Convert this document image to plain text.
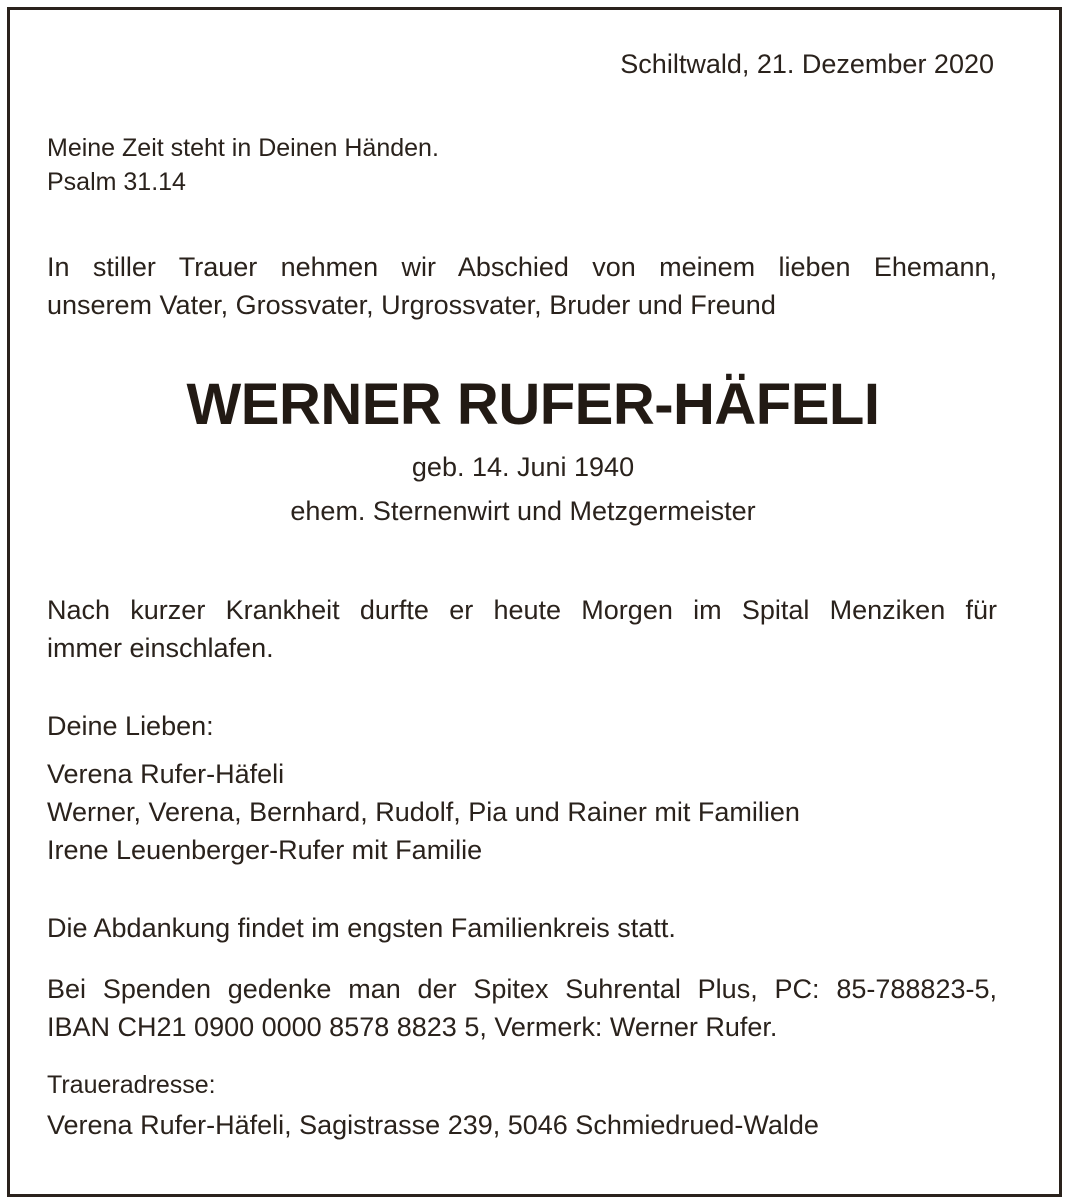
Schiltwald, 21. Dezember 2020

Meine Zeit steht in Deinen Händen.

Psalm 31.14

In stiller Trauer nehmen wir Abschied von meinem lieben Ehemann,

unserem Vater, Grossvater, Urgrossvater, Bruder und Freund

WERNER RUFER-HÄFELI

geb. 14. Juni 1940

ehem. Sternenwirt und Metzgermeister

Nach kurzer Krankheit durfte er heute Morgen im Spital Menziken für

immer einschlafen.

Deine Lieben:

Verena Rufer-Häfeli

Werner, Verena, Bernhard, Rudolf, Pia und Rainer mit Familien

Irene Leuenberger-Rufer mit Familie

Die Abdankung findet im engsten Familienkreis statt.

Bei Spenden gedenke man der Spitex Suhrental Plus, PC: 85-788823-5,

IBAN CH21 0900 0000 8578 8823 5, Vermerk: Werner Rufer.

Traueradresse:

Verena Rufer-Häfeli, Sagistrasse 239, 5046 Schmiedrued-Walde
